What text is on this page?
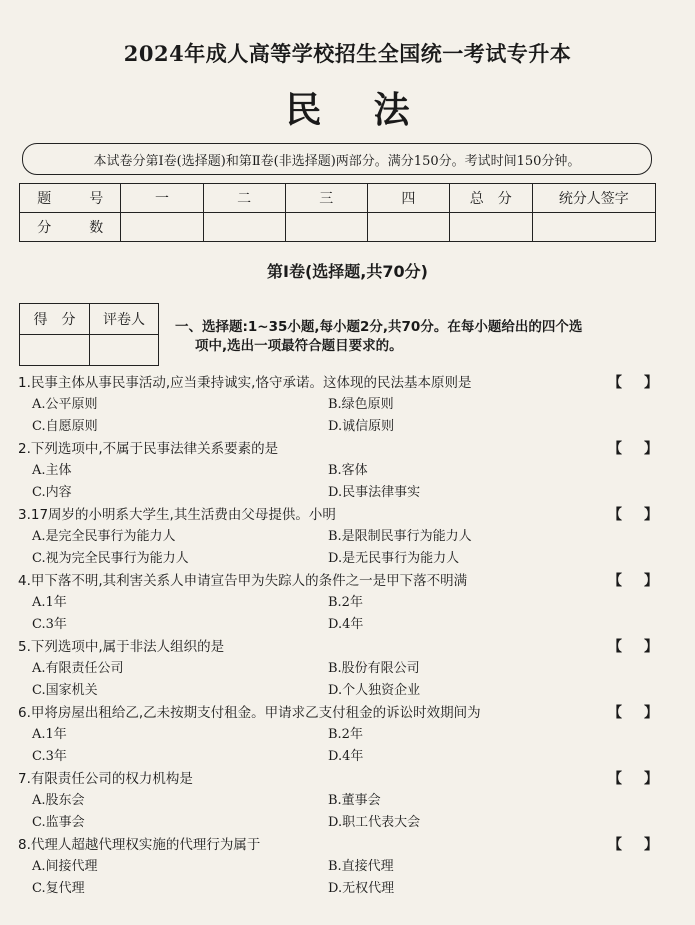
2024年成人高等学校招生全国统一考试专升本
民法
本试卷分第Ⅰ卷(选择题)和第Ⅱ卷(非选择题)两部分。满分150分。考试时间150分钟。
题　号	一	二	三	四	总　分	统分人签字
分　数						
第Ⅰ卷(选择题,共70分)
得　分	评卷人
	一、选择题:1~35小题,每小题2分,共70分。在每小题给出的四个选
项中,选出一项最符合题目要求的。
1.民事主体从事民事活动,应当秉持诚实,恪守承诺。这体现的民法基本原则是	【 】
A.公平原则	B.绿色原则
C.自愿原则	D.诚信原则
2.下列选项中,不属于民事法律关系要素的是	【 】
A.主体	B.客体
C.内容	D.民事法律事实
3.17周岁的小明系大学生,其生活费由父母提供。小明	【 】
A.是完全民事行为能力人	B.是限制民事行为能力人
C.视为完全民事行为能力人	D.是无民事行为能力人
4.甲下落不明,其利害关系人申请宣告甲为失踪人的条件之一是甲下落不明满	【 】
A.1年	B.2年
C.3年	D.4年
5.下列选项中,属于非法人组织的是	【 】
A.有限责任公司	B.股份有限公司
C.国家机关	D.个人独资企业
6.甲将房屋出租给乙,乙未按期支付租金。甲请求乙支付租金的诉讼时效期间为	【 】
A.1年	B.2年
C.3年	D.4年
7.有限责任公司的权力机构是	【 】
A.股东会	B.董事会
C.监事会	D.职工代表大会
8.代理人超越代理权实施的代理行为属于	【 】
A.间接代理	B.直接代理
C.复代理	D.无权代理
